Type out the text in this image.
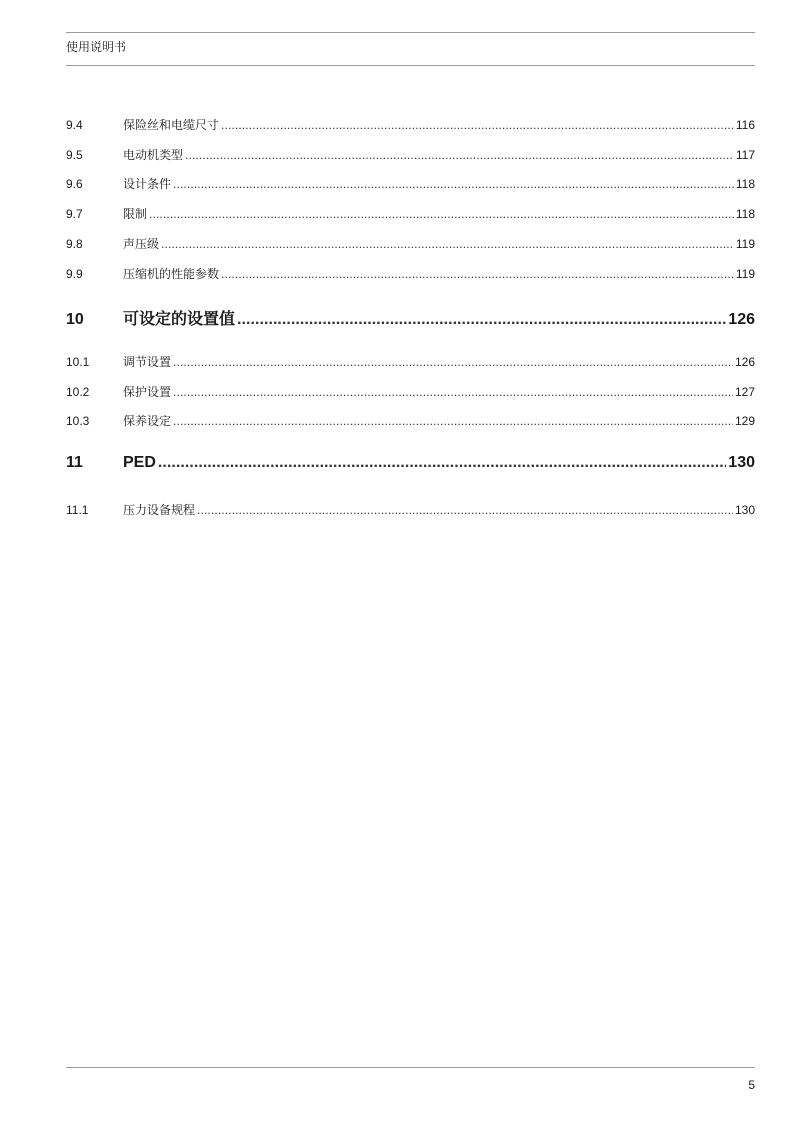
使用说明书
9.4	保险丝和电缆尺寸 . . .	116
9.5	电动机类型 . . .	117
9.6	设计条件 . . .	118
9.7	限制 . . .	118
9.8	声压级 . . .	119
9.9	压缩机的性能参数 . . .	119
10	可设定的设置值 . . .	126
10.1	调节设置 . . .	126
10.2	保护设置 . . .	127
10.3	保养设定 . . .	129
11	PED . . .	130
11.1	压力设备规程 . . .	130
5
